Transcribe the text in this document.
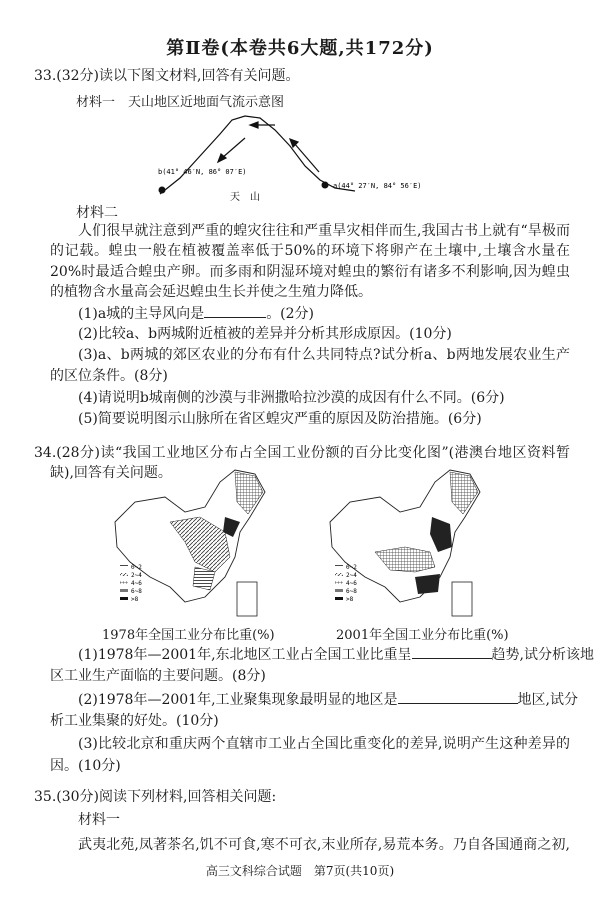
第Ⅱ卷(本卷共6大题,共172分)
33.(32分)读以下图文材料,回答有关问题。
材料一　天山地区近地面气流示意图
b(41° 46′N, 86° 07′E)
a(44° 27′N, 84° 56′E)
天　山
材料二
人们很早就注意到严重的蝗灾往往和严重旱灾相伴而生,我国古书上就有“旱极而
的记载。蝗虫一般在植被覆盖率低于50%的环境下将卵产在土壤中,土壤含水量在
20%时最适合蝗虫产卵。而多雨和阴湿环境对蝗虫的繁衍有诸多不利影响,因为蝗虫
的植物含水量高会延迟蝗虫生长并使之生殖力降低。
(1)a城的主导风向是	。(2分)
(2)比较a、b两城附近植被的差异并分析其形成原因。(10分)
(3)a、b两城的郊区农业的分布有什么共同特点?试分析a、b两地发展农业生产
的区位条件。(8分)
(4)请说明b城南侧的沙漠与非洲撒哈拉沙漠的成因有什么不同。(6分)
(5)简要说明图示山脉所在省区蝗灾严重的原因及防治措施。(6分)
34.(28分)读“我国工业地区分布占全国工业份额的百分比变化图”(港澳台地区资料暂
缺),回答有关问题。
0~2
2~4
4~6
6~8
>8
0~2
2~4
4~6
6~8
>8
1978年全国工业分布比重(%)	2001年全国工业分布比重(%)
(1)1978年—2001年,东北地区工业占全国工业比重呈	趋势,试分析该地
区工业生产面临的主要问题。(8分)
(2)1978年—2001年,工业聚集现象最明显的地区是	地区,试分
析工业集聚的好处。(10分)
(3)比较北京和重庆两个直辖市工业占全国比重变化的差异,说明产生这种差异的
因。(10分)
35.(30分)阅读下列材料,回答相关问题:
材料一
武夷北苑,凤著茶名,饥不可食,寒不可衣,末业所存,易荒本务。乃自各国通商之初,
高三文科综合试题　第7页(共10页)
